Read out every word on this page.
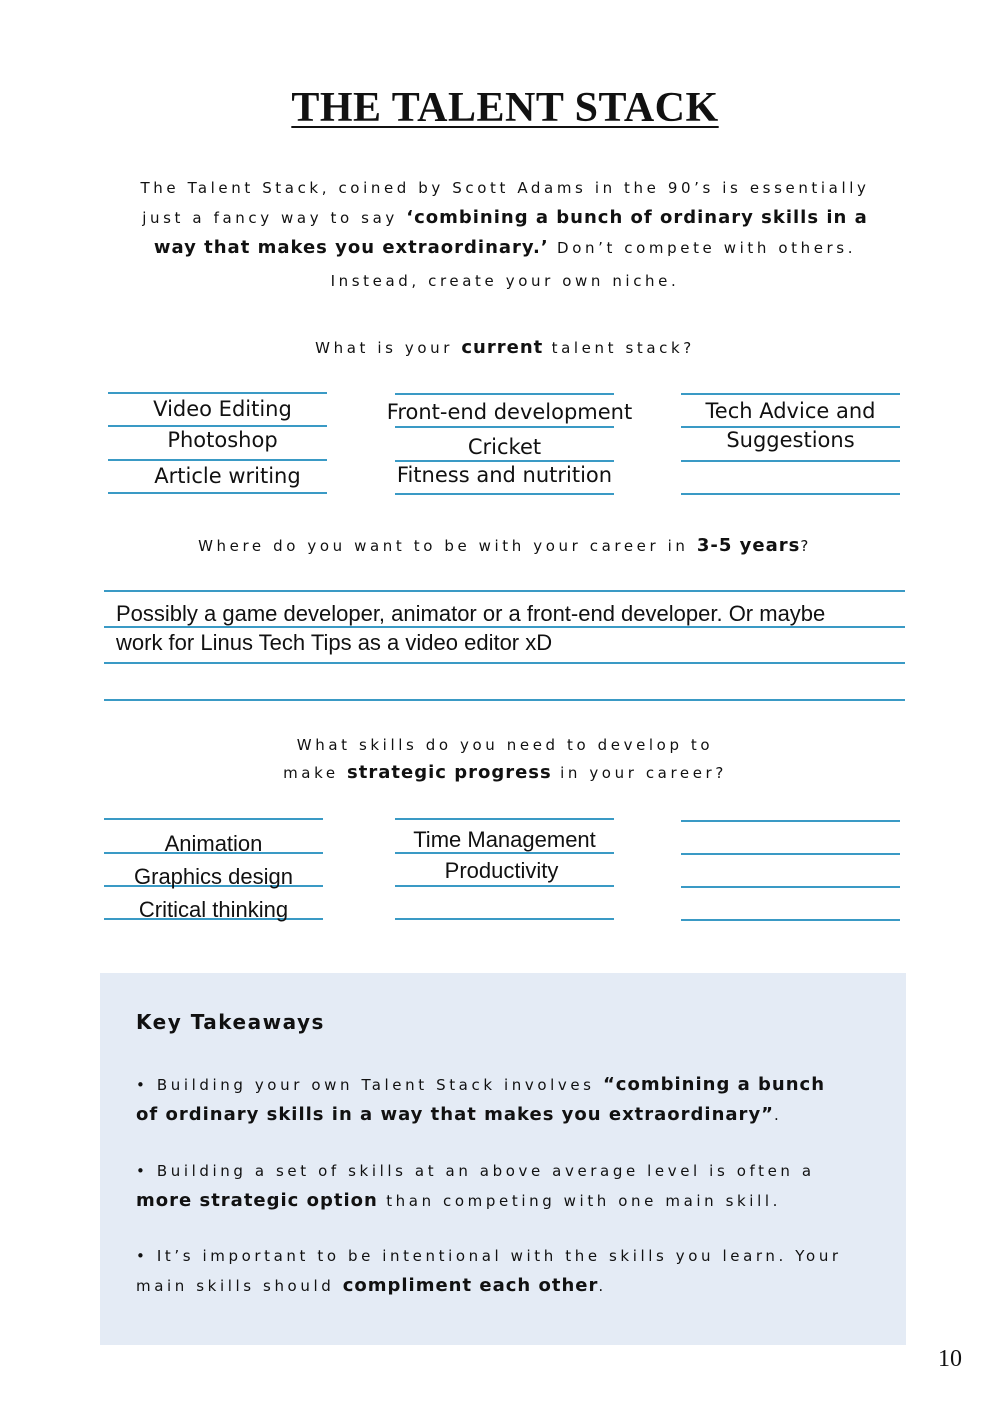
THE TALENT STACK
The Talent Stack, coined by Scott Adams in the 90’s is essentially
just a fancy way to say ‘combining a bunch of ordinary skills in a
way that makes you extraordinary.’ Don’t compete with others.
Instead, create your own niche.
What is your current talent stack?
Video Editing
Photoshop
Article writing
Front-end development
Cricket
Fitness and nutrition
Tech Advice and
Suggestions
Where do you want to be with your career in 3-5 years?
Possibly a game developer, animator or a front-end developer. Or maybe
work for Linus Tech Tips as a video editor xD
What skills do you need to develop to
make strategic progress in your career?
Animation
Graphics design
Critical thinking
Time Management
Productivity
Key Takeaways
• Building your own Talent Stack involves “combining a bunch
of ordinary skills in a way that makes you extraordinary”.
• Building a set of skills at an above average level is often a
more strategic option than competing with one main skill.
• It’s important to be intentional with the skills you learn. Your
main skills should compliment each other.
10
